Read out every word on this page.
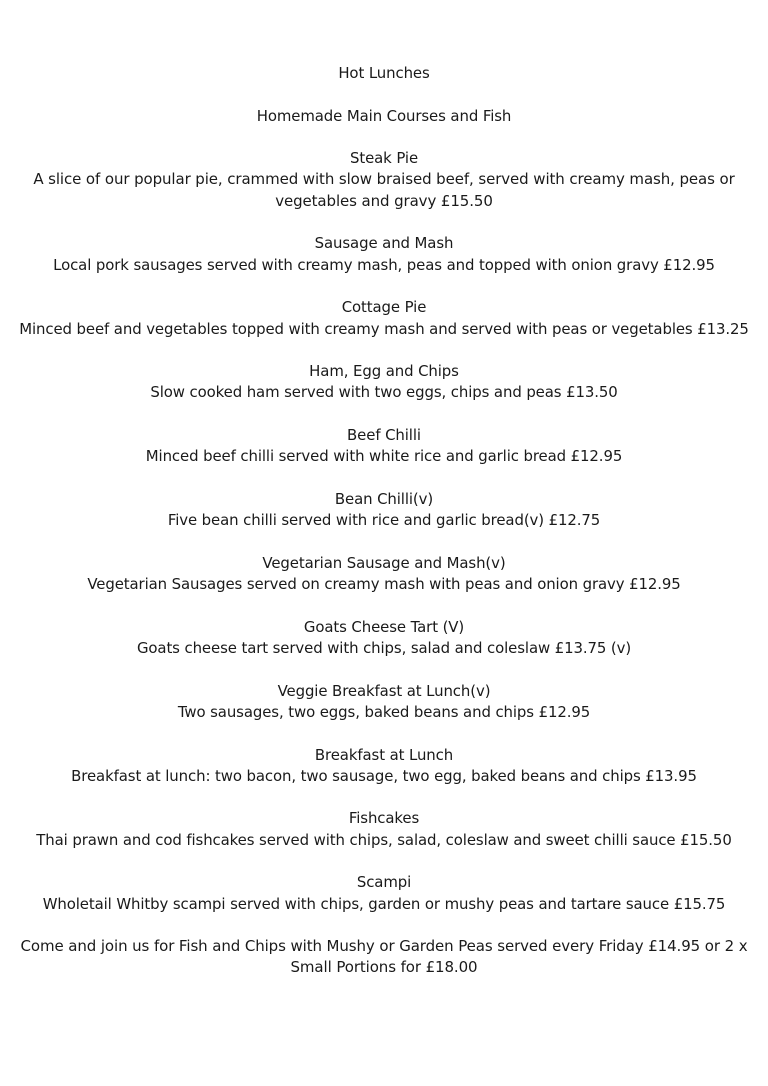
Hot Lunches
Homemade Main Courses and Fish
Steak Pie
A slice of our popular pie, crammed with slow braised beef, served with creamy mash, peas or vegetables and gravy £15.50
Sausage and Mash
Local pork sausages served with creamy mash, peas and topped with onion gravy £12.95
Cottage Pie
Minced beef and vegetables topped with creamy mash and served with peas or vegetables £13.25
Ham, Egg and Chips
Slow cooked ham served with two eggs, chips and peas £13.50
Beef Chilli
Minced beef chilli served with white rice and garlic bread £12.95
Bean Chilli(v)
Five bean chilli served with rice and garlic bread(v) £12.75
Vegetarian Sausage and Mash(v)
Vegetarian Sausages served on creamy mash with peas and onion gravy £12.95
Goats Cheese Tart (V)
Goats cheese tart served with chips, salad and coleslaw £13.75 (v)
Veggie Breakfast at Lunch(v)
Two sausages, two eggs, baked beans and chips £12.95
Breakfast at Lunch
Breakfast at lunch: two bacon, two sausage, two egg, baked beans and chips £13.95
Fishcakes
Thai prawn and cod fishcakes served with chips, salad, coleslaw and sweet chilli sauce £15.50
Scampi
Wholetail Whitby scampi served with chips, garden or mushy peas and tartare sauce £15.75
Come and join us for Fish and Chips with Mushy or Garden Peas served every Friday £14.95 or 2 x Small Portions for £18.00
